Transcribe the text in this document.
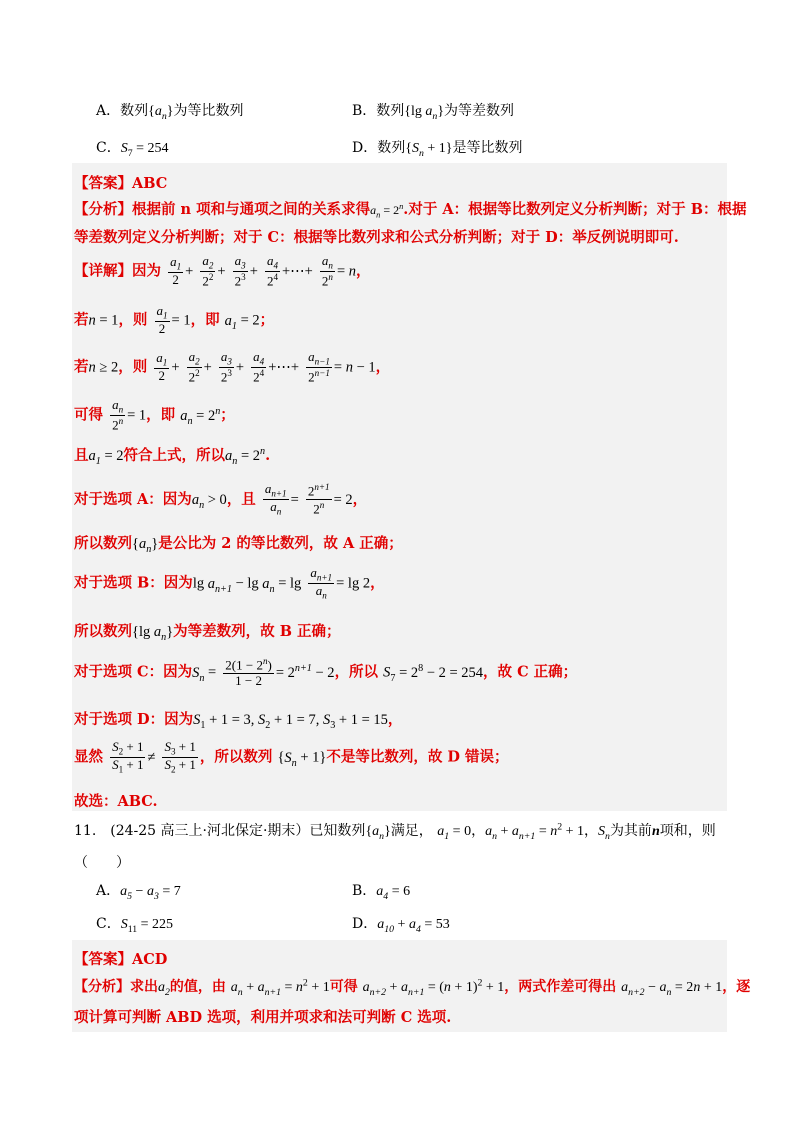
A．数列$\{a_n\}$为等比数列	B．数列{lg $a_n$}为等差数列
C．$S_7 = 254$	D．数列$\{S_n + 1\}$是等比数列
【答案】ABC
【分析】根据前 n 项和与通项之间的关系求得$a_n = 2^n$.对于 A：根据等比数列定义分析判断；对于 B：根据
等差数列定义分析判断；对于 C：根据等比数列求和公式分析判断；对于 D：举反例说明即可.
【详解】因为 $\frac{a_1}{2} + \frac{a_2}{2^2} + \frac{a_3}{2^3} + \frac{a_4}{2^4}$ +⋯+ $\frac{a_n}{2^n} = n$，
若n = 1，则 $\frac{a_1}{2} = 1$，即 $a_1 = 2$；
若n ≥ 2，则 $\frac{a_1}{2} + \frac{a_2}{2^2} + \frac{a_3}{2^3} + \frac{a_4}{2^4}$ +⋯+ $\frac{a_{n-1}}{2^{n-1}} = n - 1$，
可得 $\frac{a_n}{2^n} = 1$，即 $a_n = 2^n$；
且$a_1 = 2$符合上式，所以$a_n = 2^n$.
对于选项 A：因为$a_n > 0$，且 $\frac{a_{n+1}}{a_n} = \frac{2^{n+1}}{2^n} = 2$，
所以数列$\{a_n\}$是公比为 2 的等比数列，故 A 正确；
对于选项 B：因为$\lg a_{n+1} - \lg a_n = \lg \frac{a_{n+1}}{a_n} = \lg 2$，
所以数列{lg $a_n$}为等差数列，故 B 正确；
对于选项 C：因为$S_n = \frac{2(1 - 2^n)}{1 - 2} = 2^{n+1} - 2$，所以 $S_7 = 2^8 - 2 = 254$，故 C 正确；
对于选项 D：因为$S_1 + 1 = 3$, $S_2 + 1 = 7$, $S_3 + 1 = 15$，
显然 $\frac{S_2 + 1}{S_1 + 1} \ne \frac{S_3 + 1}{S_2 + 1}$ ，所以数列 $\{S_n + 1\}$不是等比数列，故 D 错误；
故选：ABC.
11.　(24-25 高三上·河北保定·期末）已知数列$\{a_n\}$满足， $a_1 = 0$，$a_n + a_{n+1} = n^2 + 1$，$S_n$为其前n项和，则
（　　）
A．$a_5 - a_3 = 7$	B．$a_4 = 6$
C．$S_{11} = 225$	D．$a_{10} + a_4 = 53$
【答案】ACD
【分析】求出$a_2$的值，由 $a_n + a_{n+1} = n^2 + 1$可得 $a_{n+2} + a_{n+1} = (n + 1)^2 + 1$，两式作差可得出 $a_{n+2} - a_n = 2n + 1$，逐
项计算可判断 ABD 选项，利用并项求和法可判断 C 选项.
